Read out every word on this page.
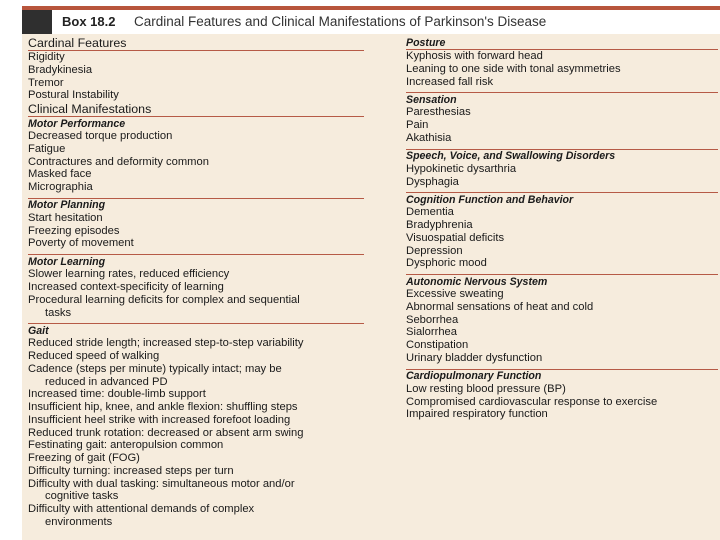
Box 18.2 Cardinal Features and Clinical Manifestations of Parkinson's Disease
Cardinal Features
Rigidity
Bradykinesia
Tremor
Postural Instability
Clinical Manifestations
Motor Performance
Decreased torque production
Fatigue
Contractures and deformity common
Masked face
Micrographia
Motor Planning
Start hesitation
Freezing episodes
Poverty of movement
Motor Learning
Slower learning rates, reduced efficiency
Increased context-specificity of learning
Procedural learning deficits for complex and sequential
tasks
Gait
Reduced stride length; increased step-to-step variability
Reduced speed of walking
Cadence (steps per minute) typically intact; may be
reduced in advanced PD
Increased time: double-limb support
Insufficient hip, knee, and ankle flexion: shuffling steps
Insufficient heel strike with increased forefoot loading
Reduced trunk rotation: decreased or absent arm swing
Festinating gait: anteropulsion common
Freezing of gait (FOG)
Difficulty turning: increased steps per turn
Difficulty with dual tasking: simultaneous motor and/or
cognitive tasks
Difficulty with attentional demands of complex
environments
Posture
Kyphosis with forward head
Leaning to one side with tonal asymmetries
Increased fall risk
Sensation
Paresthesias
Pain
Akathisia
Speech, Voice, and Swallowing Disorders
Hypokinetic dysarthria
Dysphagia
Cognition Function and Behavior
Dementia
Bradyphrenia
Visuospatial deficits
Depression
Dysphoric mood
Autonomic Nervous System
Excessive sweating
Abnormal sensations of heat and cold
Seborrhea
Sialorrhea
Constipation
Urinary bladder dysfunction
Cardiopulmonary Function
Low resting blood pressure (BP)
Compromised cardiovascular response to exercise
Impaired respiratory function
